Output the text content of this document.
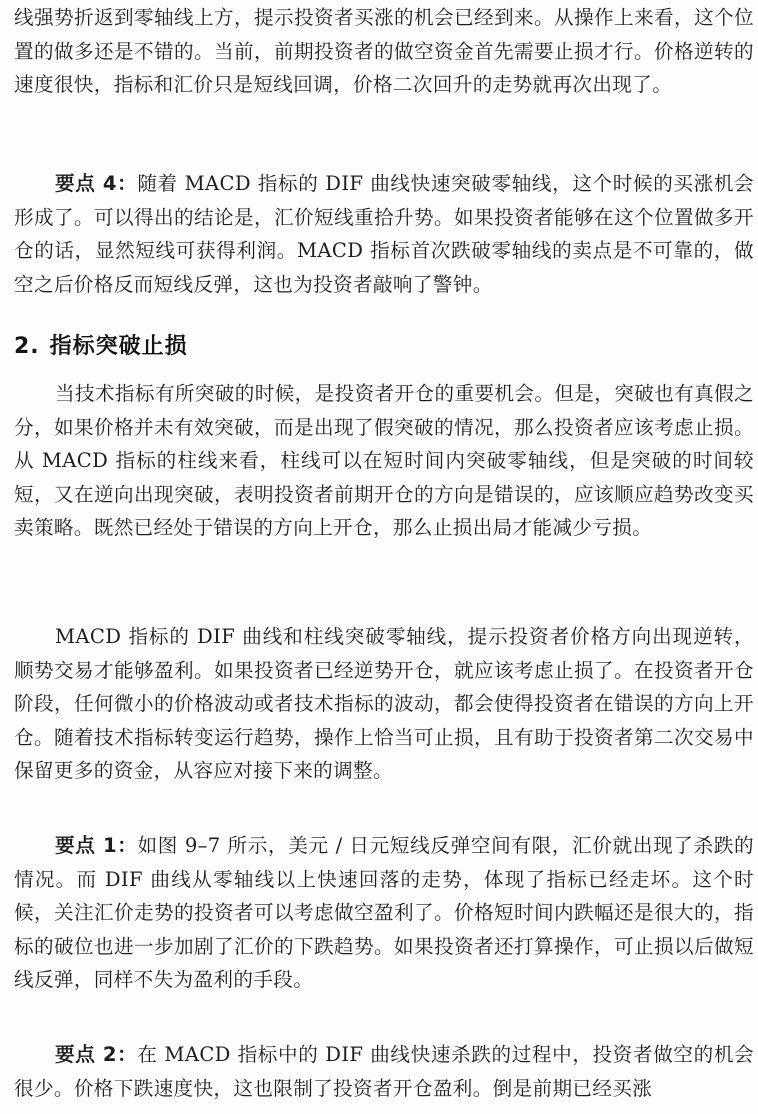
线强势折返到零轴线上方，提示投资者买涨的机会已经到来。从操作上来看，这个位置的做多还是不错的。当前，前期投资者的做空资金首先需要止损才行。价格逆转的速度很快，指标和汇价只是短线回调，价格二次回升的走势就再次出现了。

要点 4：随着 MACD 指标的 DIF 曲线快速突破零轴线，这个时候的买涨机会形成了。可以得出的结论是，汇价短线重拾升势。如果投资者能够在这个位置做多开仓的话，显然短线可获得利润。MACD 指标首次跌破零轴线的卖点是不可靠的，做空之后价格反而短线反弹，这也为投资者敲响了警钟。

2. 指标突破止损

当技术指标有所突破的时候，是投资者开仓的重要机会。但是，突破也有真假之分，如果价格并未有效突破，而是出现了假突破的情况，那么投资者应该考虑止损。从 MACD 指标的柱线来看，柱线可以在短时间内突破零轴线，但是突破的时间较短，又在逆向出现突破，表明投资者前期开仓的方向是错误的，应该顺应趋势改变买卖策略。既然已经处于错误的方向上开仓，那么止损出局才能减少亏损。

MACD 指标的 DIF 曲线和柱线突破零轴线，提示投资者价格方向出现逆转，顺势交易才能够盈利。如果投资者已经逆势开仓，就应该考虑止损了。在投资者开仓阶段，任何微小的价格波动或者技术指标的波动，都会使得投资者在错误的方向上开仓。随着技术指标转变运行趋势，操作上恰当可止损，且有助于投资者第二次交易中保留更多的资金，从容应对接下来的调整。

要点 1：如图 9–7 所示，美元 / 日元短线反弹空间有限，汇价就出现了杀跌的情况。而 DIF 曲线从零轴线以上快速回落的走势，体现了指标已经走坏。这个时候，关注汇价走势的投资者可以考虑做空盈利了。价格短时间内跌幅还是很大的，指标的破位也进一步加剧了汇价的下跌趋势。如果投资者还打算操作，可止损以后做短线反弹，同样不失为盈利的手段。

要点 2：在 MACD 指标中的 DIF 曲线快速杀跌的过程中，投资者做空的机会很少。价格下跌速度快，这也限制了投资者开仓盈利。倒是前期已经买涨
